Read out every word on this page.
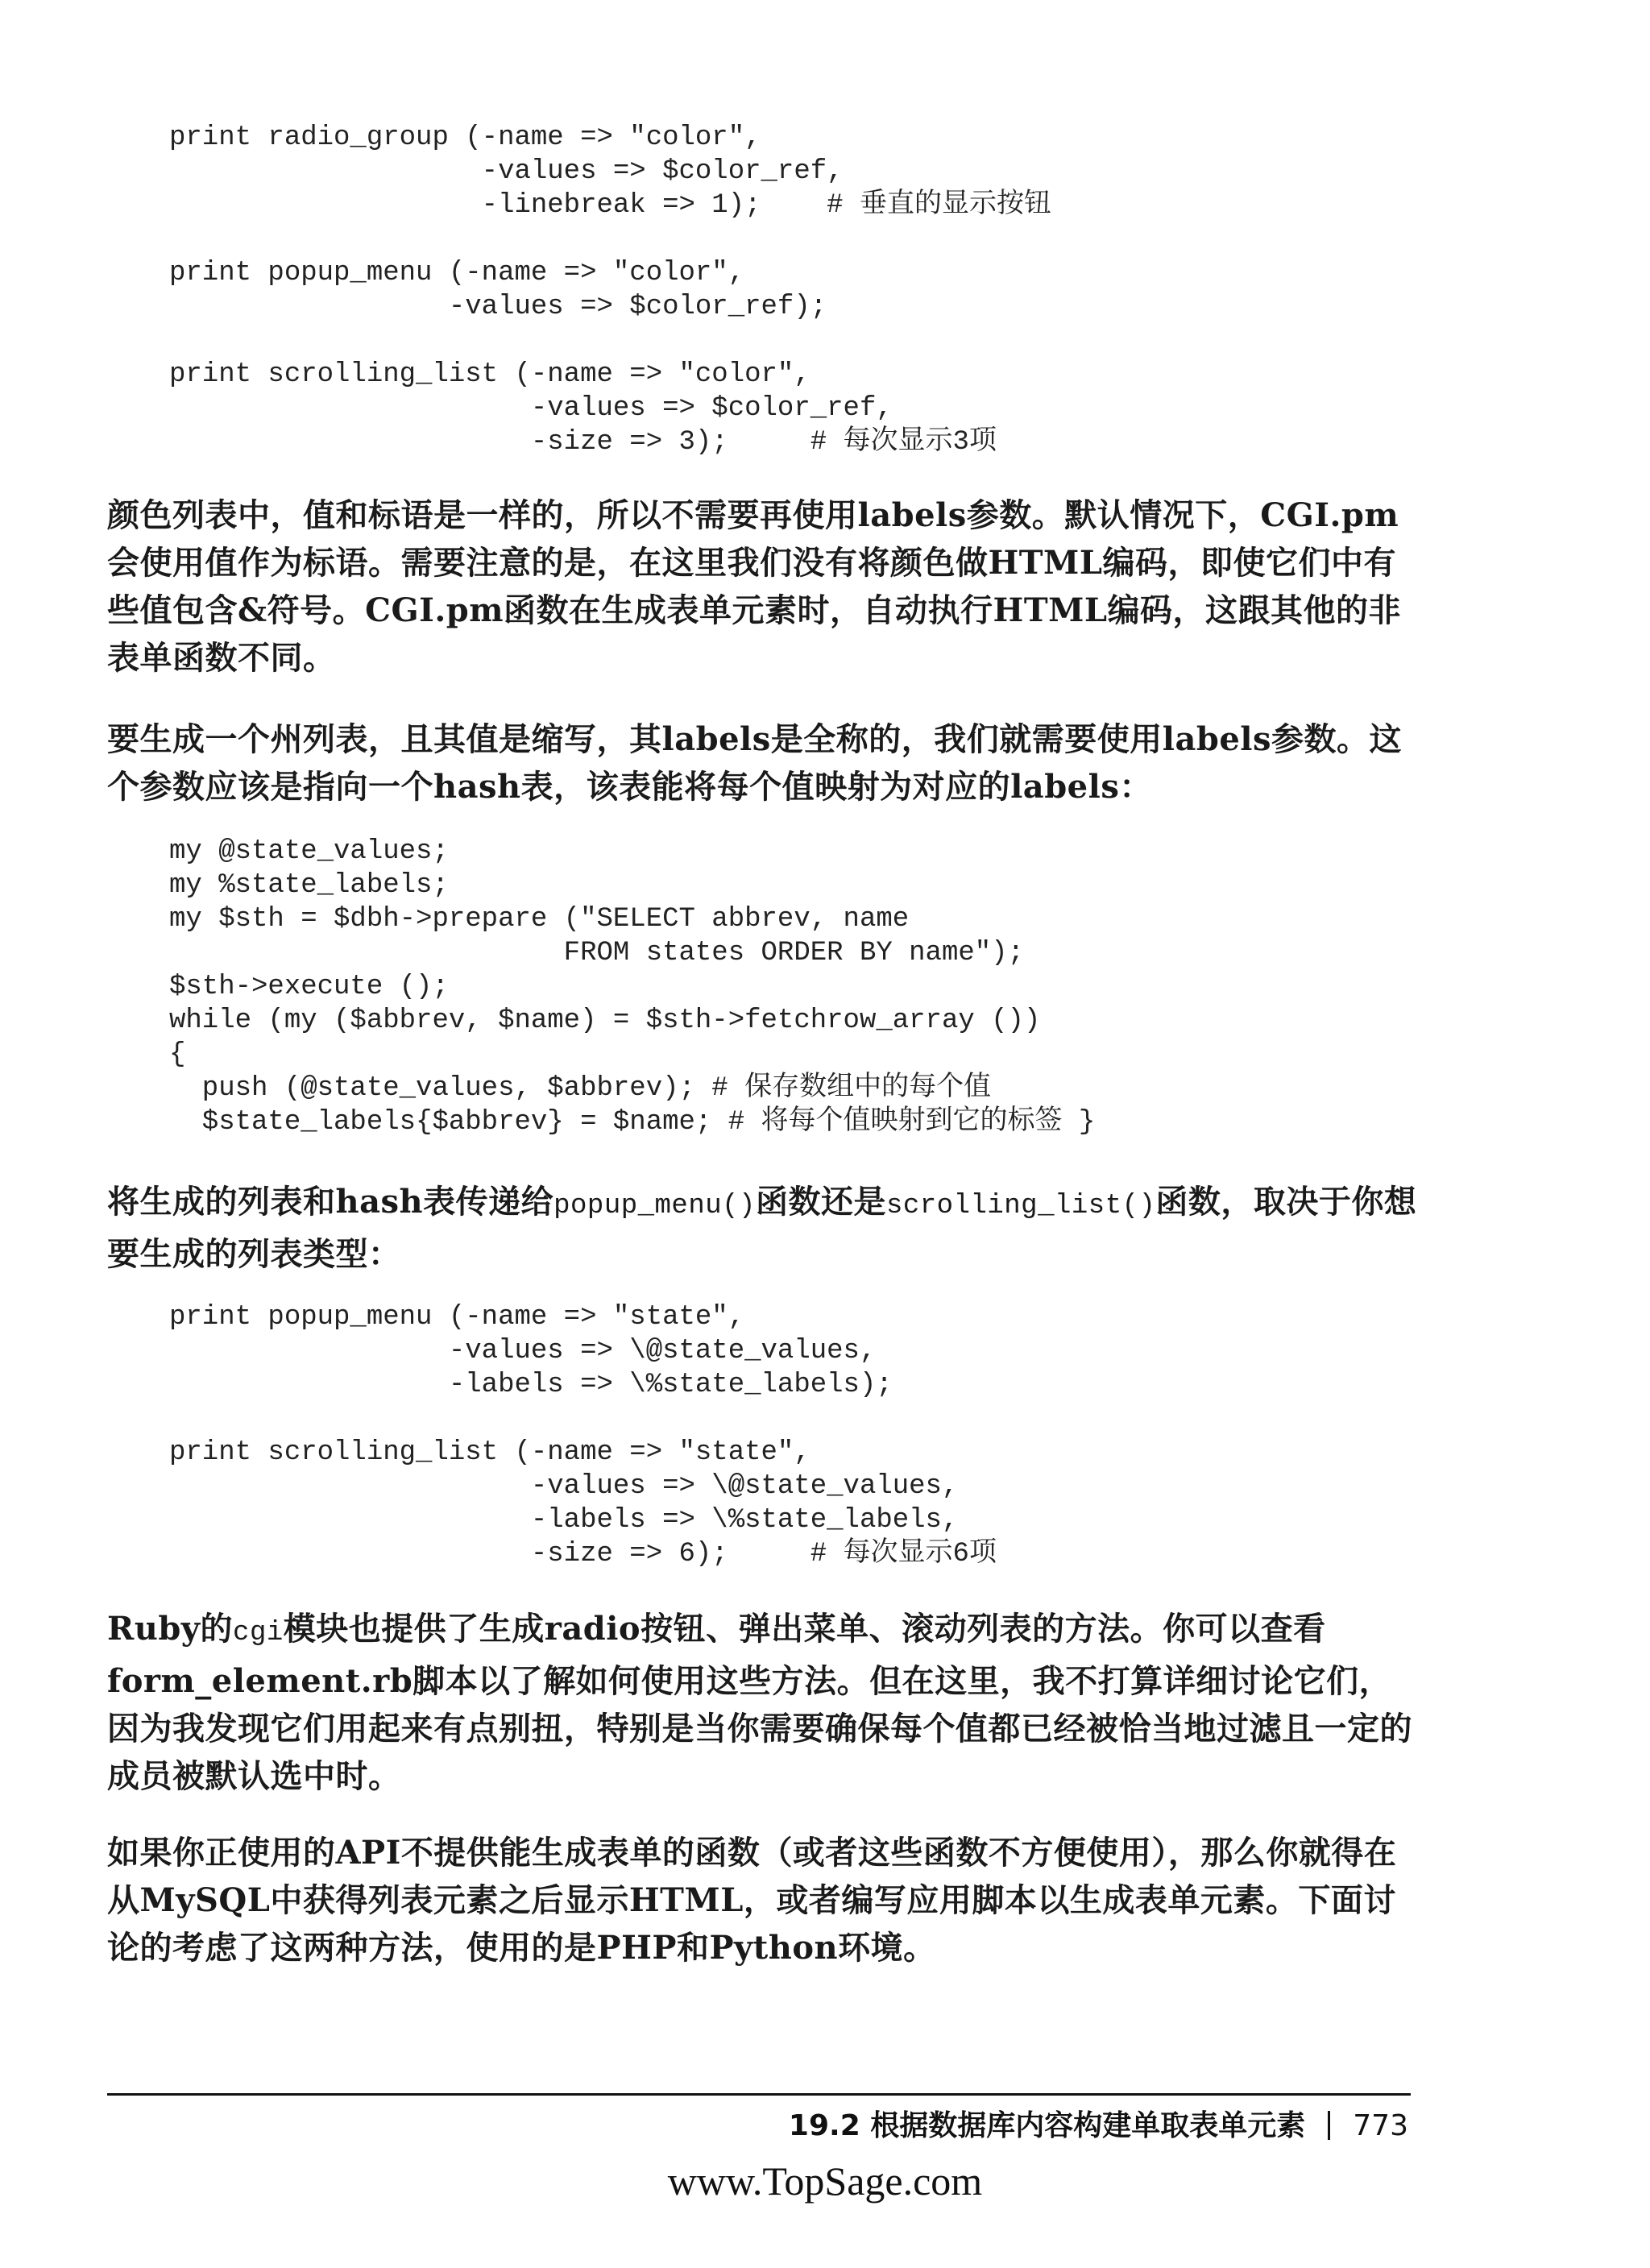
print radio_group (-name => "color",
-values => $color_ref,
-linebreak => 1);    # 垂直的显示按钮

print popup_menu (-name => "color",
-values => $color_ref);

print scrolling_list (-name => "color",
-values => $color_ref,
-size => 3);     # 每次显示3项

颜色列表中，值和标语是一样的，所以不需要再使用labels参数。默认情况下，CGI.pm会使用值作为标语。需要注意的是，在这里我们没有将颜色做HTML编码，即使它们中有些值包含&符号。CGI.pm函数在生成表单元素时，自动执行HTML编码，这跟其他的非表单函数不同。

要生成一个州列表，且其值是缩写，其labels是全称的，我们就需要使用labels参数。这个参数应该是指向一个hash表，该表能将每个值映射为对应的labels：

my @state_values;
my %state_labels;
my $sth = $dbh->prepare ("SELECT abbrev, name
FROM states ORDER BY name");
$sth->execute ();
while (my ($abbrev, $name) = $sth->fetchrow_array ())
{
push (@state_values, $abbrev); # 保存数组中的每个值
$state_labels{$abbrev} = $name; # 将每个值映射到它的标签 }

将生成的列表和hash表传递给popup_menu()函数还是scrolling_list()函数，取决于你想要生成的列表类型：

print popup_menu (-name => "state",
-values => \@state_values,
-labels => \%state_labels);

print scrolling_list (-name => "state",
-values => \@state_values,
-labels => \%state_labels,
-size => 6);     # 每次显示6项

Ruby的cgi模块也提供了生成radio按钮、弹出菜单、滚动列表的方法。你可以查看form_element.rb脚本以了解如何使用这些方法。但在这里，我不打算详细讨论它们，因为我发现它们用起来有点别扭，特别是当你需要确保每个值都已经被恰当地过滤且一定的成员被默认选中时。

如果你正使用的API不提供能生成表单的函数（或者这些函数不方便使用），那么你就得在从MySQL中获得列表元素之后显示HTML，或者编写应用脚本以生成表单元素。下面讨论的考虑了这两种方法，使用的是PHP和Python环境。

19.2 根据数据库内容构建单取表单元素 773
www.TopSage.com
